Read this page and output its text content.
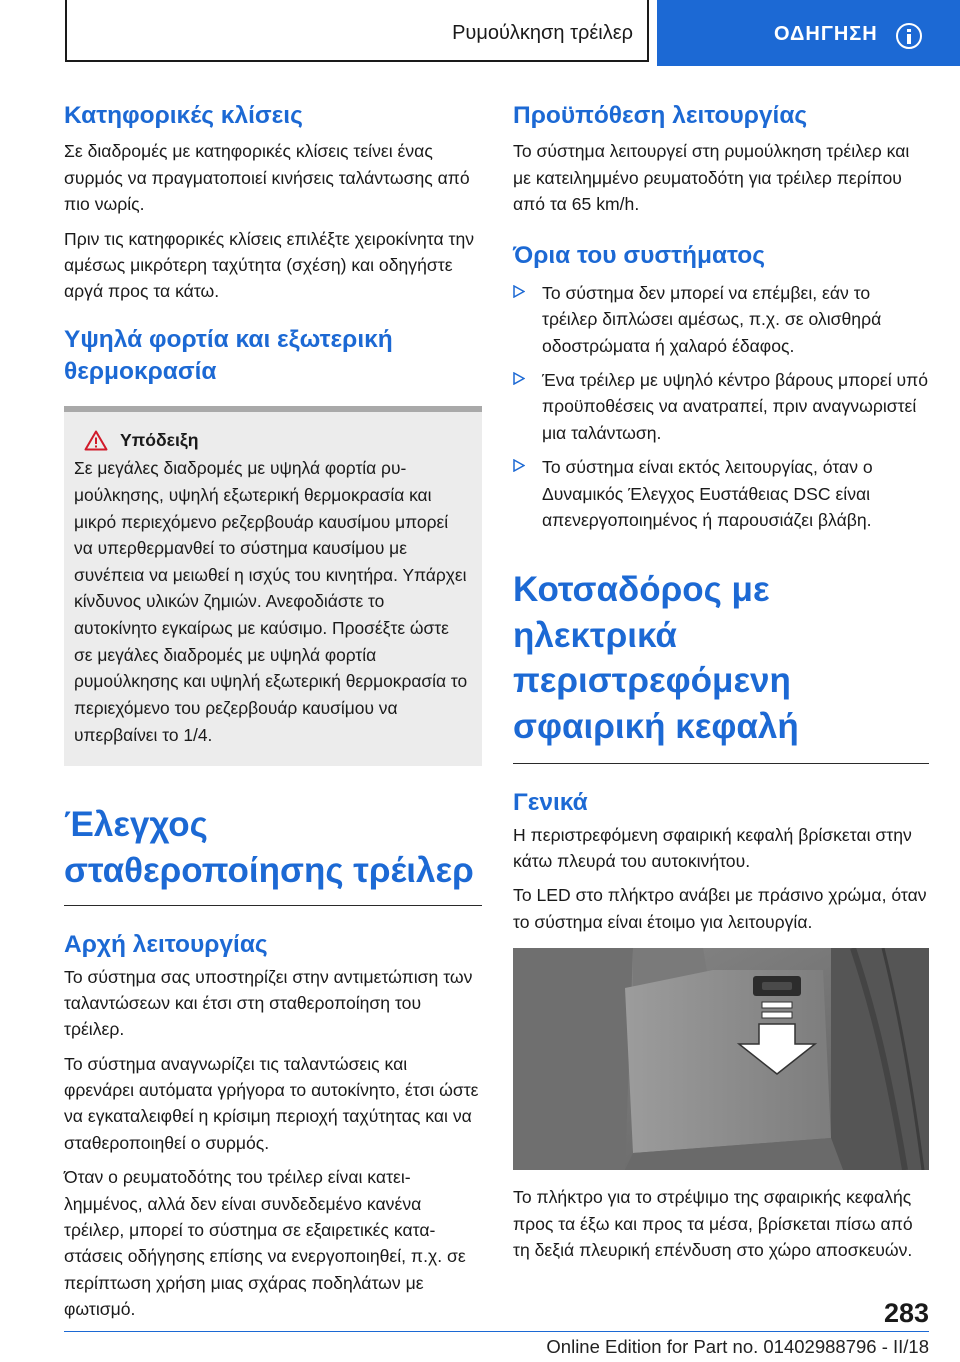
Ρυμούλκηση τρέιλερ	ΟΔΗΓΗΣΗ
Κατηφορικές κλίσεις

Σε διαδρομές με κατηφορικές κλίσεις τείνει ένας συρμός να πραγματοποιεί κινήσεις ταλάντωσης από πιο νωρίς.

Πριν τις κατηφορικές κλίσεις επιλέξτε χειροκίνητα την αμέσως μικρότερη ταχύτητα (σχέση) και οδηγήστε αργά προς τα κάτω.

Υψηλά φορτία και εξωτερική θερμοκρασία
Υπόδειξη

Σε μεγάλες διαδρομές με υψηλά φορτία ρυμούλκησης, υψηλή εξωτερική θερμοκρασία και μικρό περιεχόμενο ρεζερβουάρ καυσίμου μπορεί να υπερθερμανθεί το σύστημα καυσίμου με συνέπεια να μειωθεί η ισχύς του κινητήρα. Υπάρχει κίνδυνος υλικών ζημιών. Ανεφοδιάστε το αυτοκίνητο εγκαίρως με καύσιμο. Προσέξτε ώστε σε μεγάλες διαδρομές με υψηλά φορτία ρυμούλκησης και υψηλή εξωτερική θερμοκρασία το περιεχόμενο του ρεζερβουάρ καυσίμου να υπερβαίνει το 1/4.

Έλεγχος σταθεροποίησης τρέιλερ
Αρχή λειτουργίας

Το σύστημα σας υποστηρίζει στην αντιμετώπιση των ταλαντώσεων και έτσι στη σταθεροποίηση του τρέιλερ.

Το σύστημα αναγνωρίζει τις ταλαντώσεις και φρενάρει αυτόματα γρήγορα το αυτοκίνητο, έτσι ώστε να εγκαταλειφθεί η κρίσιμη περιοχή ταχύτητας και να σταθεροποιηθεί ο συρμός.

Όταν ο ρευματοδότης του τρέιλερ είναι κατειλημμένος, αλλά δεν είναι συνδεδεμένο κανένα τρέιλερ, μπορεί το σύστημα σε εξαιρετικές καταστάσεις οδήγησης επίσης να ενεργοποιηθεί, π.χ. σε περίπτωση χρήση μιας σχάρας ποδηλάτων με φωτισμό.

Προϋπόθεση λειτουργίας

Το σύστημα λειτουργεί στη ρυμούλκηση τρέιλερ και με κατειλημμένο ρευματοδότη για τρέιλερ περίπου από τα 65 km/h.

Όρια του συστήματος
Το σύστημα δεν μπορεί να επέμβει, εάν το τρέιλερ διπλώσει αμέσως, π.χ. σε ολισθηρά οδοστρώματα ή χαλαρό έδαφος.
Ένα τρέιλερ με υψηλό κέντρο βάρους μπορεί υπό προϋποθέσεις να ανατραπεί, πριν αναγνωριστεί μια ταλάντωση.
Το σύστημα είναι εκτός λειτουργίας, όταν ο Δυναμικός Έλεγχος Ευστάθειας DSC είναι απενεργοποιημένος ή παρουσιάζει βλάβη.
Κοτσαδόρος με ηλεκτρικά περιστρεφόμενη σφαιρική κεφαλή
Γενικά

Η περιστρεφόμενη σφαιρική κεφαλή βρίσκεται στην κάτω πλευρά του αυτοκινήτου.

Το LED στο πλήκτρο ανάβει με πράσινο χρώμα, όταν το σύστημα είναι έτοιμο για λειτουργία.

Το πλήκτρο για το στρέψιμο της σφαιρικής κεφαλής προς τα έξω και προς τα μέσα, βρίσκεται πίσω από τη δεξιά πλευρική επένδυση στο χώρο αποσκευών.

283
Online Edition for Part no. 01402988796 - II/18
